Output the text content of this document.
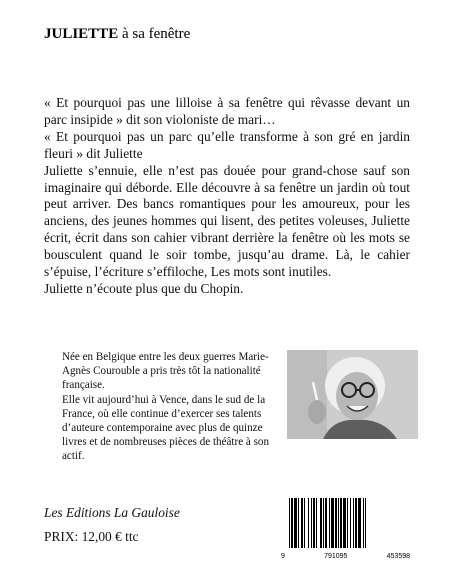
JULIETTE à sa fenêtre

« Et pourquoi pas une lilloise à sa fenêtre qui rêvasse devant un parc insipide » dit son violoniste de mari…

« Et pourquoi pas un parc qu’elle transforme à son gré en jardin fleuri » dit Juliette

Juliette s’ennuie, elle n’est pas douée pour grand-chose sauf son imaginaire qui déborde. Elle découvre à sa fenêtre un jardin où tout peut arriver. Des bancs romantiques pour les amoureux, pour les anciens, des jeunes hommes qui lisent, des petites voleuses, Juliette écrit, écrit dans son cahier vibrant derrière la fenêtre où les mots se bousculent quand le soir tombe, jusqu’au drame. Là, le cahier s’épuise, l’écriture s’effiloche, Les mots sont inutiles.

Juliette n’écoute plus que du Chopin.

Née en Belgique entre les deux guerres Marie-Agnès Courouble a pris très tôt la nationalité française.

Elle vit aujourd’hui à Vence, dans le sud de la France, où elle continue d’exercer ses talents d’auteure contemporaine avec plus de quinze livres et de nombreuses pièces de théâtre à son actif.

Les Editions La Gauloise
PRIX: 12,00 € ttc
9	791095	453598
